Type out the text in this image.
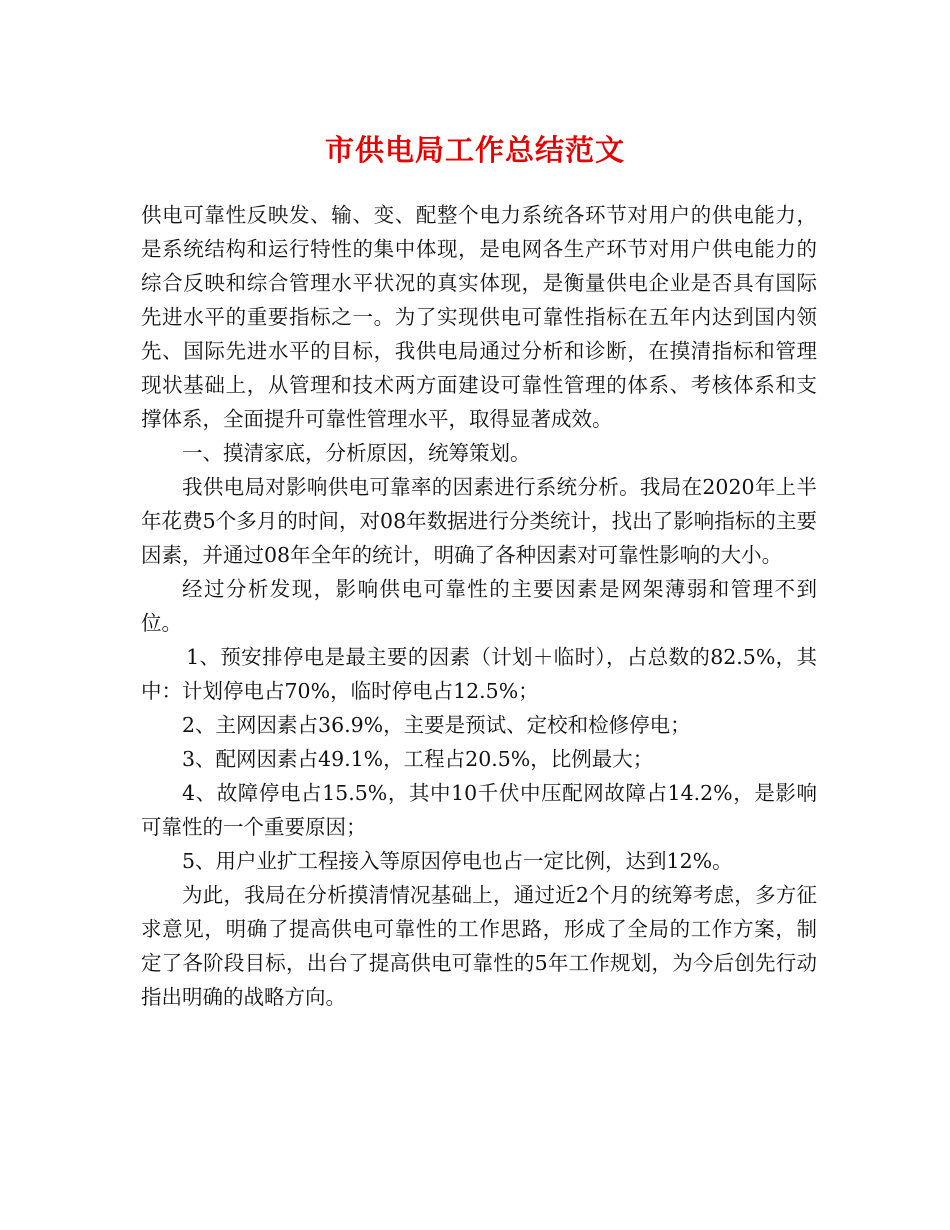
市供电局工作总结范文

供电可靠性反映发、输、变、配整个电力系统各环节对用户的供电能力，是系统结构和运行特性的集中体现，是电网各生产环节对用户供电能力的综合反映和综合管理水平状况的真实体现，是衡量供电企业是否具有国际先进水平的重要指标之一。为了实现供电可靠性指标在五年内达到国内领先、国际先进水平的目标，我供电局通过分析和诊断，在摸清指标和管理现状基础上，从管理和技术两方面建设可靠性管理的体系、考核体系和支撑体系，全面提升可靠性管理水平，取得显著成效。

一、摸清家底，分析原因，统筹策划。

我供电局对影响供电可靠率的因素进行系统分析。我局在2020年上半年花费5个多月的时间，对08年数据进行分类统计，找出了影响指标的主要因素，并通过08年全年的统计，明确了各种因素对可靠性影响的大小。

经过分析发现，影响供电可靠性的主要因素是网架薄弱和管理不到位。

1、预安排停电是最主要的因素（计划＋临时），占总数的82.5%，其中：计划停电占70%，临时停电占12.5%；

2、主网因素占36.9%，主要是预试、定校和检修停电；

3、配网因素占49.1%，工程占20.5%，比例最大；

4、故障停电占15.5%，其中10千伏中压配网故障占14.2%，是影响可靠性的一个重要原因；

5、用户业扩工程接入等原因停电也占一定比例，达到12%。

为此，我局在分析摸清情况基础上，通过近2个月的统筹考虑，多方征求意见，明确了提高供电可靠性的工作思路，形成了全局的工作方案，制定了各阶段目标，出台了提高供电可靠性的5年工作规划，为今后创先行动指出明确的战略方向。
